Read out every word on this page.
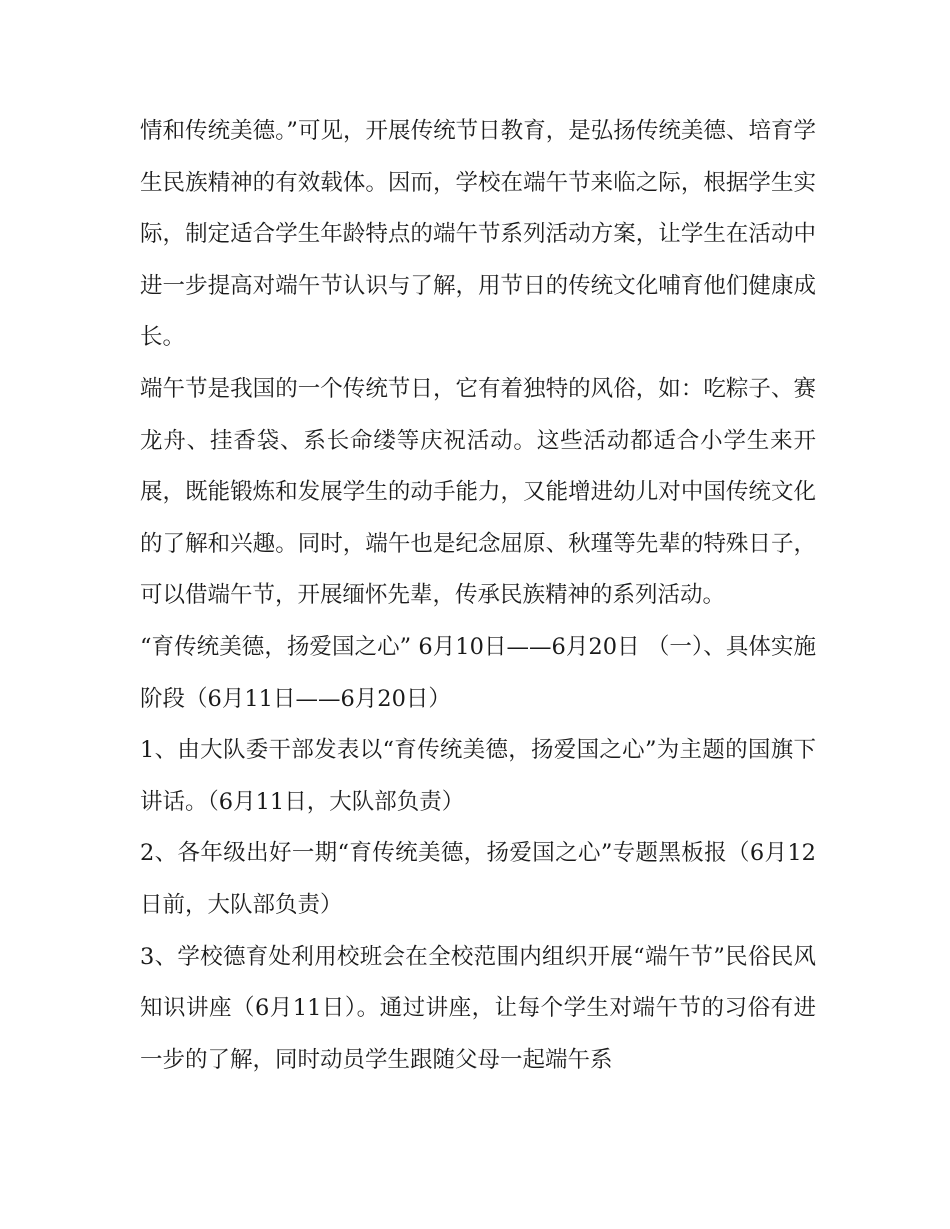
情和传统美德。”可见，开展传统节日教育，是弘扬传统美德、培育学生民族精神的有效载体。因而，学校在端午节来临之际，根据学生实际，制定适合学生年龄特点的端午节系列活动方案，让学生在活动中进一步提高对端午节认识与了解，用节日的传统文化哺育他们健康成长。

端午节是我国的一个传统节日，它有着独特的风俗，如：吃粽子、赛龙舟、挂香袋、系长命缕等庆祝活动。这些活动都适合小学生来开展，既能锻炼和发展学生的动手能力，又能增进幼儿对中国传统文化的了解和兴趣。同时，端午也是纪念屈原、秋瑾等先辈的特殊日子，可以借端午节，开展缅怀先辈，传承民族精神的系列活动。

“育传统美德，扬爱国之心” 6月10日——6月20日 （一）、具体实施阶段（6月11日——6月20日）

1、由大队委干部发表以“育传统美德，扬爱国之心”为主题的国旗下讲话。（6月11日，大队部负责）

2、各年级出好一期“育传统美德，扬爱国之心”专题黑板报（6月12日前，大队部负责）

3、学校德育处利用校班会在全校范围内组织开展“端午节”民俗民风知识讲座（6月11日）。通过讲座，让每个学生对端午节的习俗有进一步的了解，同时动员学生跟随父母一起端午系
